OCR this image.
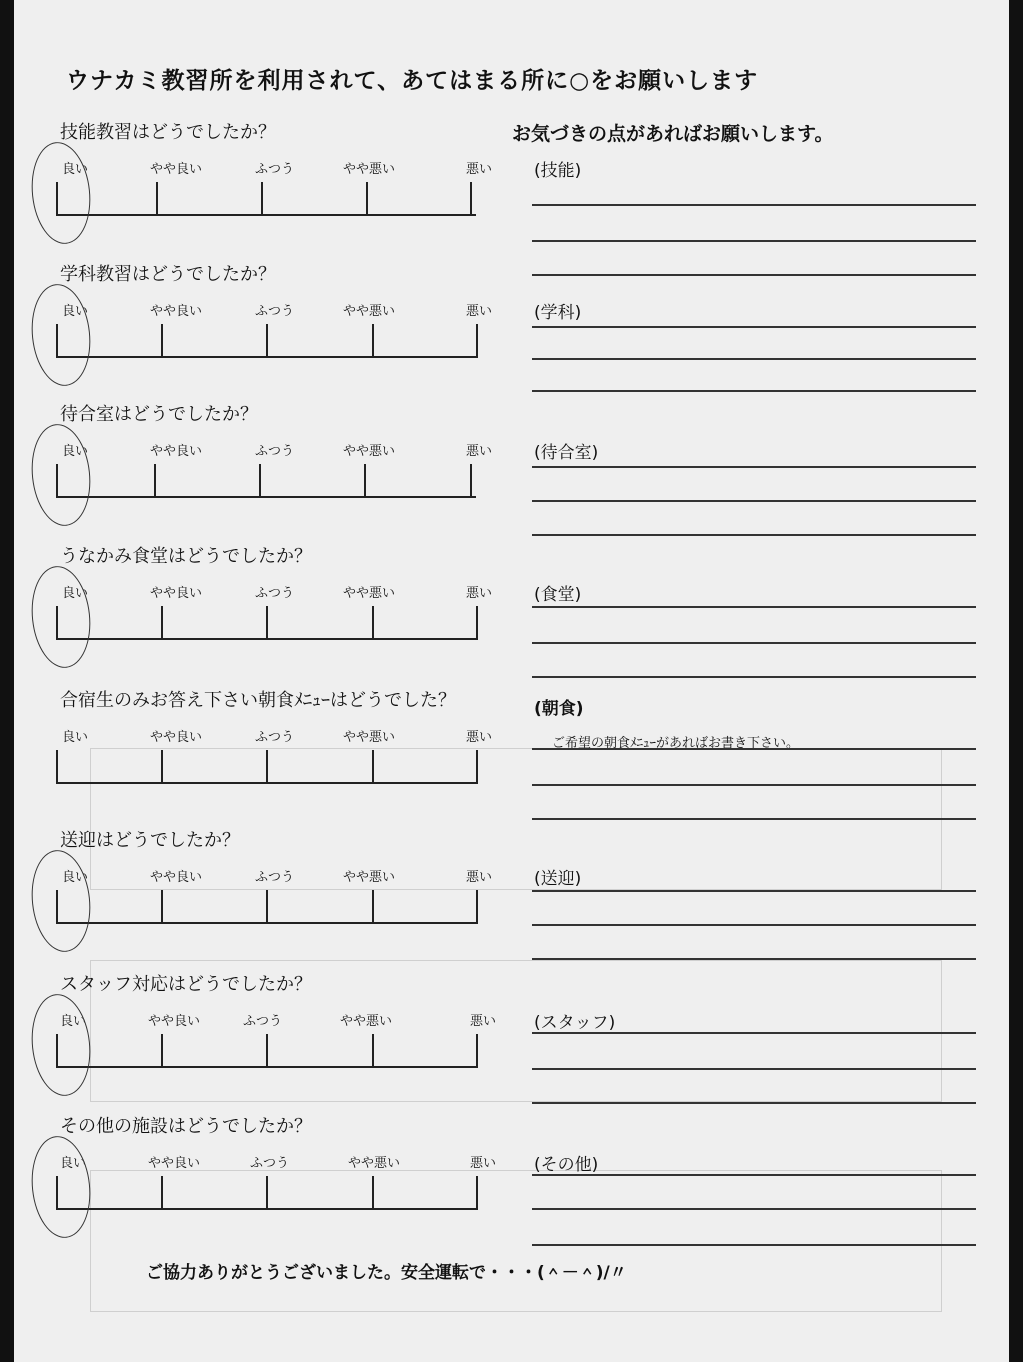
ウナカミ教習所を利用されて、あてはまる所に○をお願いします
お気づきの点があればお願いします。
技能教習はどうでしたか？
良い	やや良い	ふつう	やや悪い	悪い (技能)
学科教習はどうでしたか？
良い	やや良い	ふつう	やや悪い	悪い (学科)
待合室はどうでしたか？
良い	やや良い	ふつう	やや悪い	悪い (待合室)
うなかみ食堂はどうでしたか？
良い	やや良い	ふつう	やや悪い	悪い (食堂)
合宿生のみお答え下さい朝食ﾒﾆｭｰはどうでした？	(朝食)
良い	やや良い	ふつう	やや悪い	悪い	ご希望の朝食ﾒﾆｭｰがあればお書き下さい。
送迎はどうでしたか？
良い	やや良い	ふつう	やや悪い	悪い (送迎)
スタッフ対応はどうでしたか？
良い	やや良い	ふつう	やや悪い	悪い (スタッフ)
その他の施設はどうでしたか？
良い	やや良い	ふつう	やや悪い	悪い (その他)
ご協力ありがとうございました。安全運転で・・・(＾－＾)/〃
